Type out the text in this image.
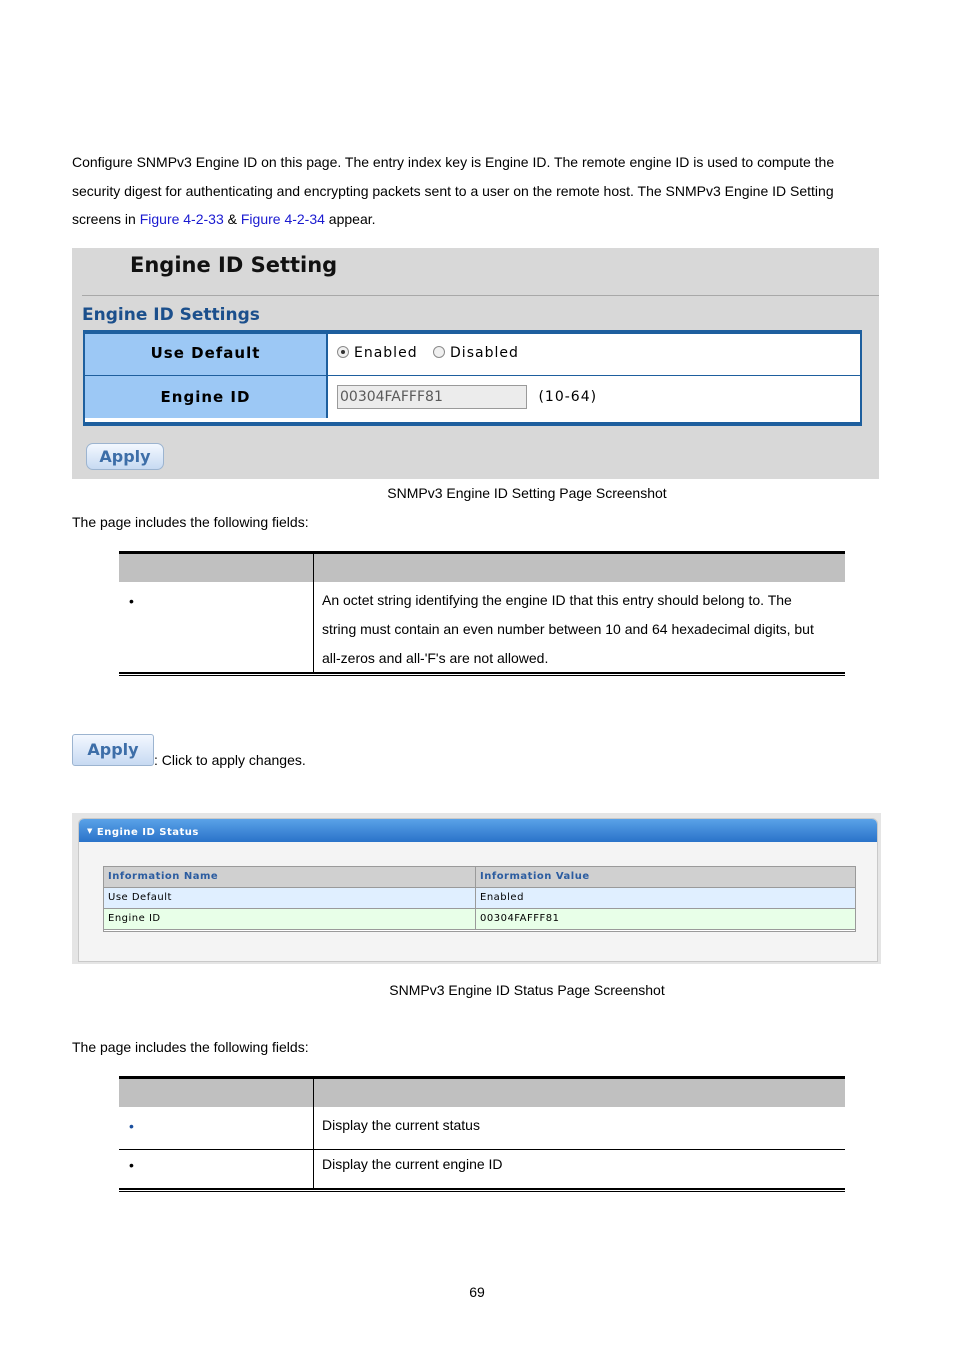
Configure SNMPv3 Engine ID on this page. The entry index key is Engine ID. The remote engine ID is used to compute the security digest for authenticating and encrypting packets sent to a user on the remote host. The SNMPv3 Engine ID Setting screens in Figure 4-2-33 & Figure 4-2-34 appear.
Engine ID Setting
Engine ID Settings
Use Default	Enabled Disabled
Engine ID	00304FAFFF81	(10-64)
Apply
SNMPv3 Engine ID Setting Page Screenshot
The page includes the following fields:
•	An octet string identifying the engine ID that this entry should belong to. The
string must contain an even number between 10 and 64 hexadecimal digits, but
all-zeros and all-'F's are not allowed.
Apply
: Click to apply changes.
▼ Engine ID Status
Information Name	Information Value
Use Default	Enabled
Engine ID	00304FAFFF81
SNMPv3 Engine ID Status Page Screenshot
The page includes the following fields:
•	Display the current status
•	Display the current engine ID
69
